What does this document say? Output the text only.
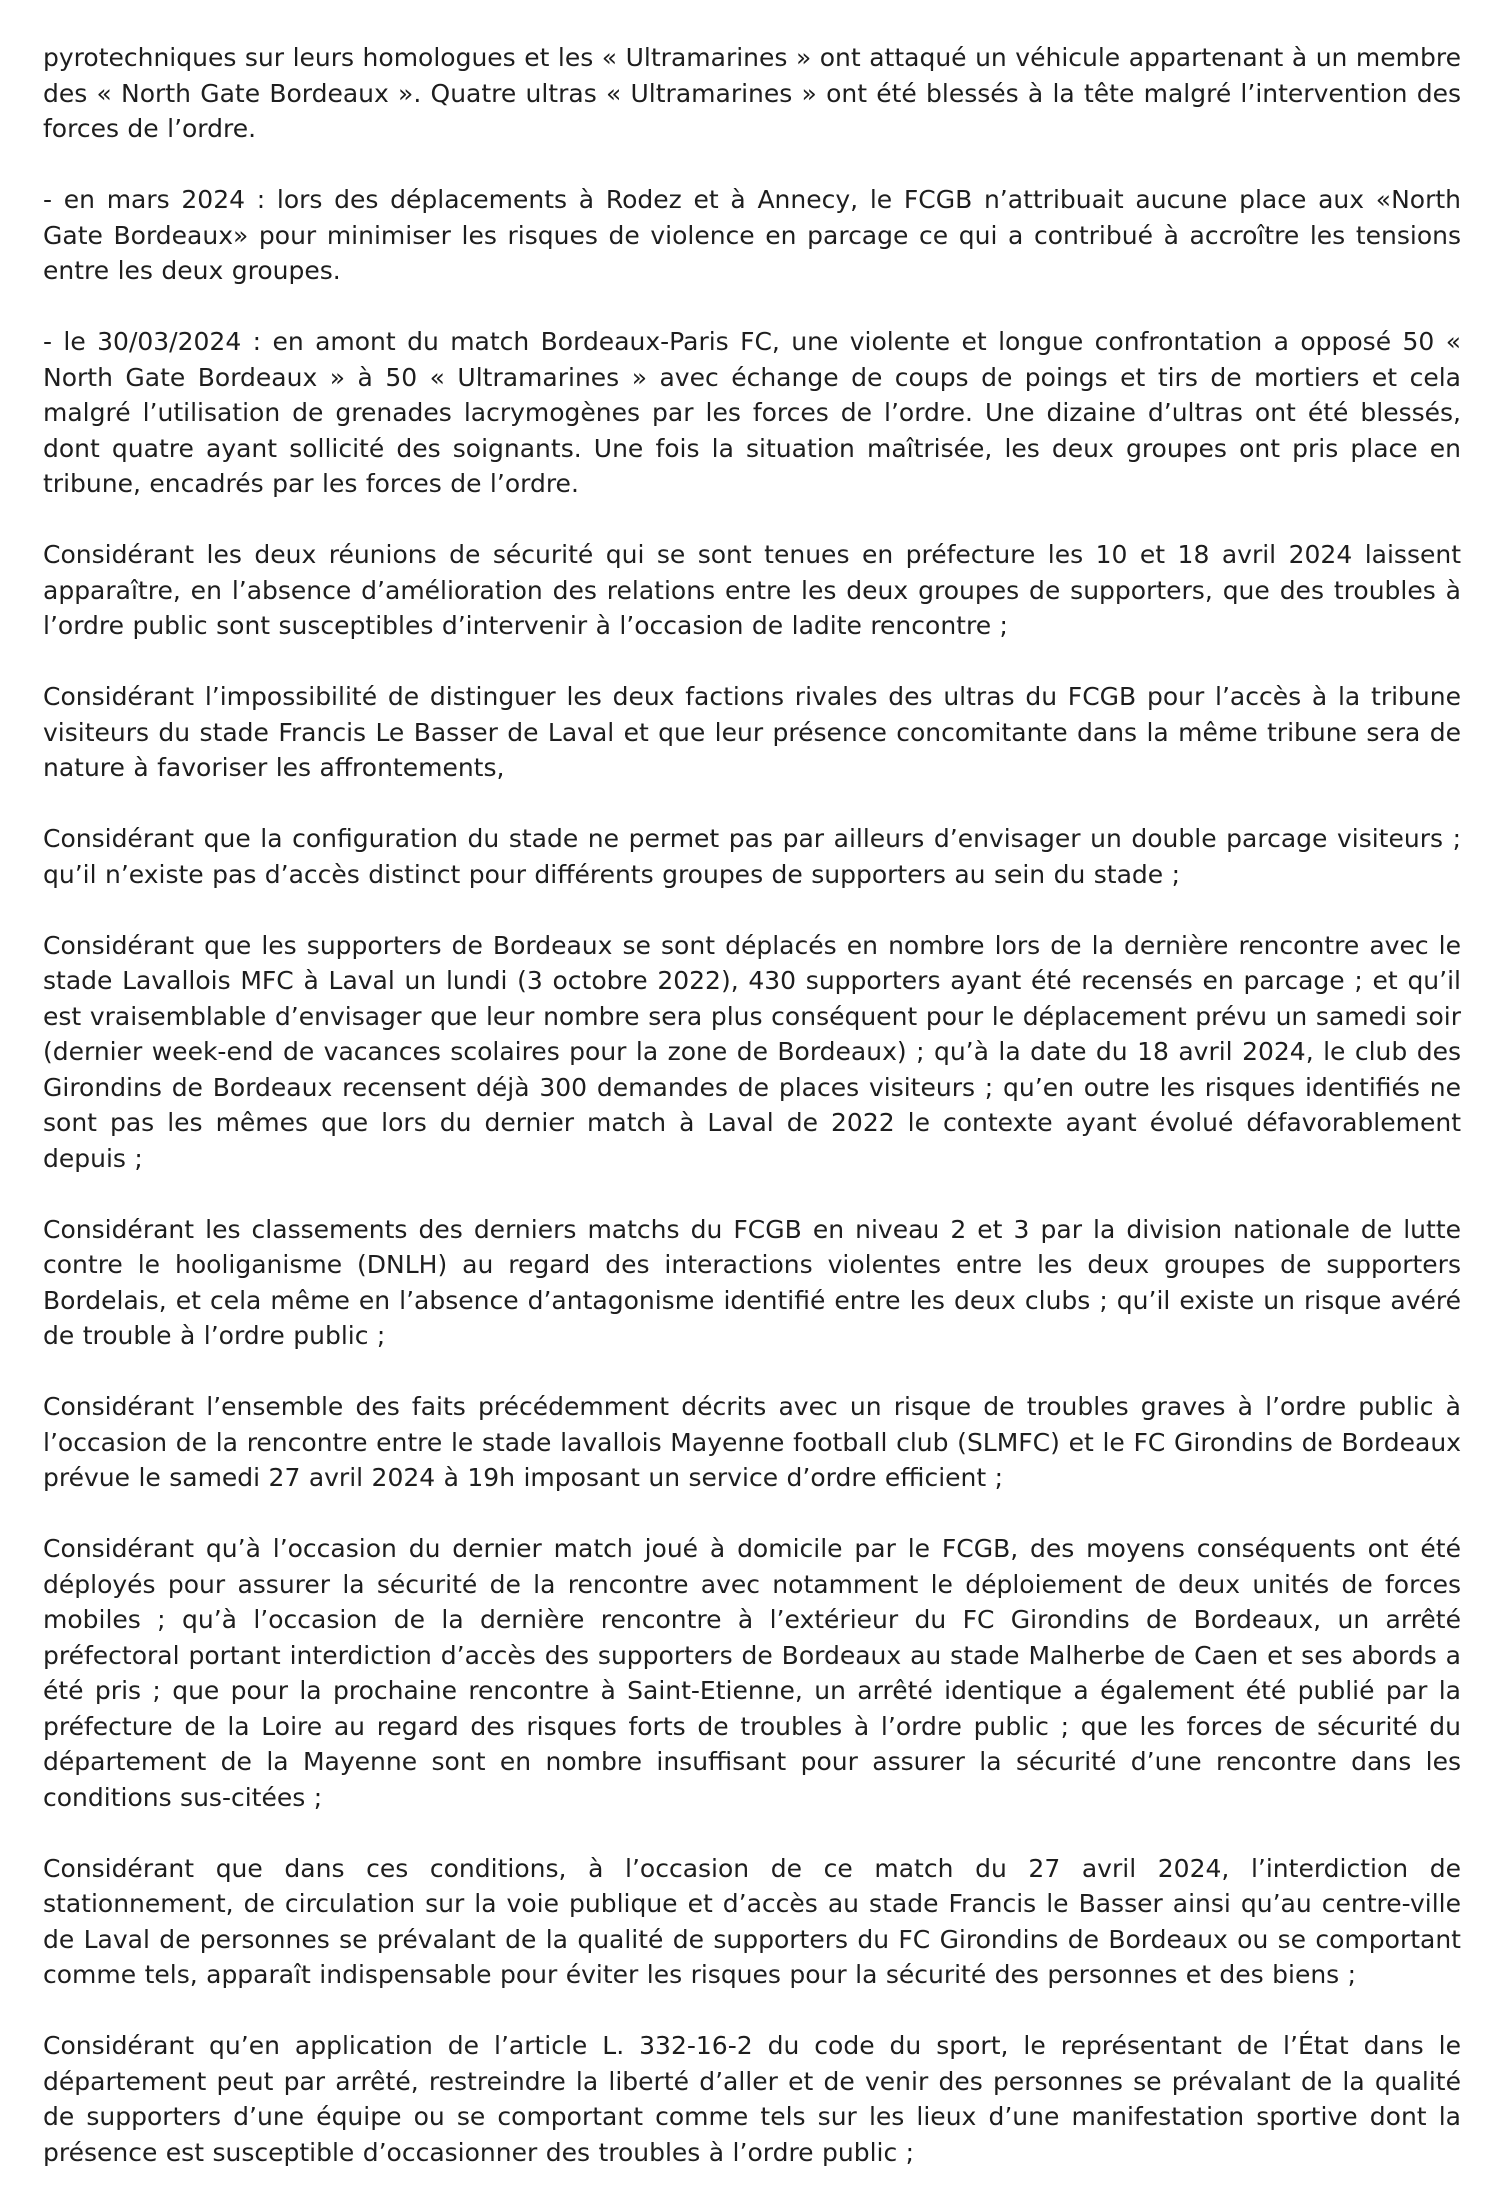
pyrotechniques sur leurs homologues et les « Ultramarines » ont attaqué un véhicule appartenant à un membre des « North Gate Bordeaux ». Quatre ultras « Ultramarines » ont été blessés à la tête malgré l’intervention des forces de l’ordre.

- en mars 2024 : lors des déplacements à Rodez et à Annecy, le FCGB n’attribuait aucune place aux «North Gate Bordeaux» pour minimiser les risques de violence en parcage ce qui a contribué à accroître les tensions entre les deux groupes.

- le 30/03/2024 : en amont du match Bordeaux-Paris FC, une violente et longue confrontation a opposé 50 « North Gate Bordeaux » à 50 « Ultramarines » avec échange de coups de poings et tirs de mortiers et cela malgré l’utilisation de grenades lacrymogènes par les forces de l’ordre. Une dizaine d’ultras ont été blessés, dont quatre ayant sollicité des soignants. Une fois la situation maîtrisée, les deux groupes ont pris place en tribune, encadrés par les forces de l’ordre.

Considérant les deux réunions de sécurité qui se sont tenues en préfecture les 10 et 18 avril 2024 laissent apparaître, en l’absence d’amélioration des relations entre les deux groupes de supporters, que des troubles à l’ordre public sont susceptibles d’intervenir à l’occasion de ladite rencontre ;

Considérant l’impossibilité de distinguer les deux factions rivales des ultras du FCGB pour l’accès à la tribune visiteurs du stade Francis Le Basser de Laval et que leur présence concomitante dans la même tribune sera de nature à favoriser les affrontements,

Considérant que la configuration du stade ne permet pas par ailleurs d’envisager un double parcage visiteurs ; qu’il n’existe pas d’accès distinct pour différents groupes de supporters au sein du stade ;

Considérant que les supporters de Bordeaux se sont déplacés en nombre lors de la dernière rencontre avec le stade Lavallois MFC à Laval un lundi (3 octobre 2022), 430 supporters ayant été recensés en parcage ; et qu’il est vraisemblable d’envisager que leur nombre sera plus conséquent pour le déplacement prévu un samedi soir (dernier week-end de vacances scolaires pour la zone de Bordeaux) ; qu’à la date du 18 avril 2024, le club des Girondins de Bordeaux recensent déjà 300 demandes de places visiteurs ; qu’en outre les risques identifiés ne sont pas les mêmes que lors du dernier match à Laval de 2022 le contexte ayant évolué défavorablement depuis ;

Considérant les classements des derniers matchs du FCGB en niveau 2 et 3 par la division nationale de lutte contre le hooliganisme (DNLH) au regard des interactions violentes entre les deux groupes de supporters Bordelais, et cela même en l’absence d’antagonisme identifié entre les deux clubs ; qu’il existe un risque avéré de trouble à l’ordre public ;

Considérant l’ensemble des faits précédemment décrits avec un risque de troubles graves à l’ordre public à l’occasion de la rencontre entre le stade lavallois Mayenne football club (SLMFC) et le FC Girondins de Bordeaux prévue le samedi 27 avril 2024 à 19h imposant un service d’ordre efficient ;

Considérant qu’à l’occasion du dernier match joué à domicile par le FCGB, des moyens conséquents ont été déployés pour assurer la sécurité de la rencontre avec notamment le déploiement de deux unités de forces mobiles ; qu’à l’occasion de la dernière rencontre à l’extérieur du FC Girondins de Bordeaux, un arrêté préfectoral portant interdiction d’accès des supporters de Bordeaux au stade Malherbe de Caen et ses abords a été pris ; que pour la prochaine rencontre à Saint-Etienne, un arrêté identique a également été publié par la préfecture de la Loire au regard des risques forts de troubles à l’ordre public ; que les forces de sécurité du département de la Mayenne sont en nombre insuffisant pour assurer la sécurité d’une rencontre dans les conditions sus-citées ;

Considérant que dans ces conditions, à l’occasion de ce match du 27 avril 2024, l’interdiction de stationnement, de circulation sur la voie publique et d’accès au stade Francis le Basser ainsi qu’au centre-ville de Laval de personnes se prévalant de la qualité de supporters du FC Girondins de Bordeaux ou se comportant comme tels, apparaît indispensable pour éviter les risques pour la sécurité des personnes et des biens ;

Considérant qu’en application de l’article L. 332-16-2 du code du sport, le représentant de l’État dans le département peut par arrêté, restreindre la liberté d’aller et de venir des personnes se prévalant de la qualité de supporters d’une équipe ou se comportant comme tels sur les lieux d’une manifestation sportive dont la présence est susceptible d’occasionner des troubles à l’ordre public ;
